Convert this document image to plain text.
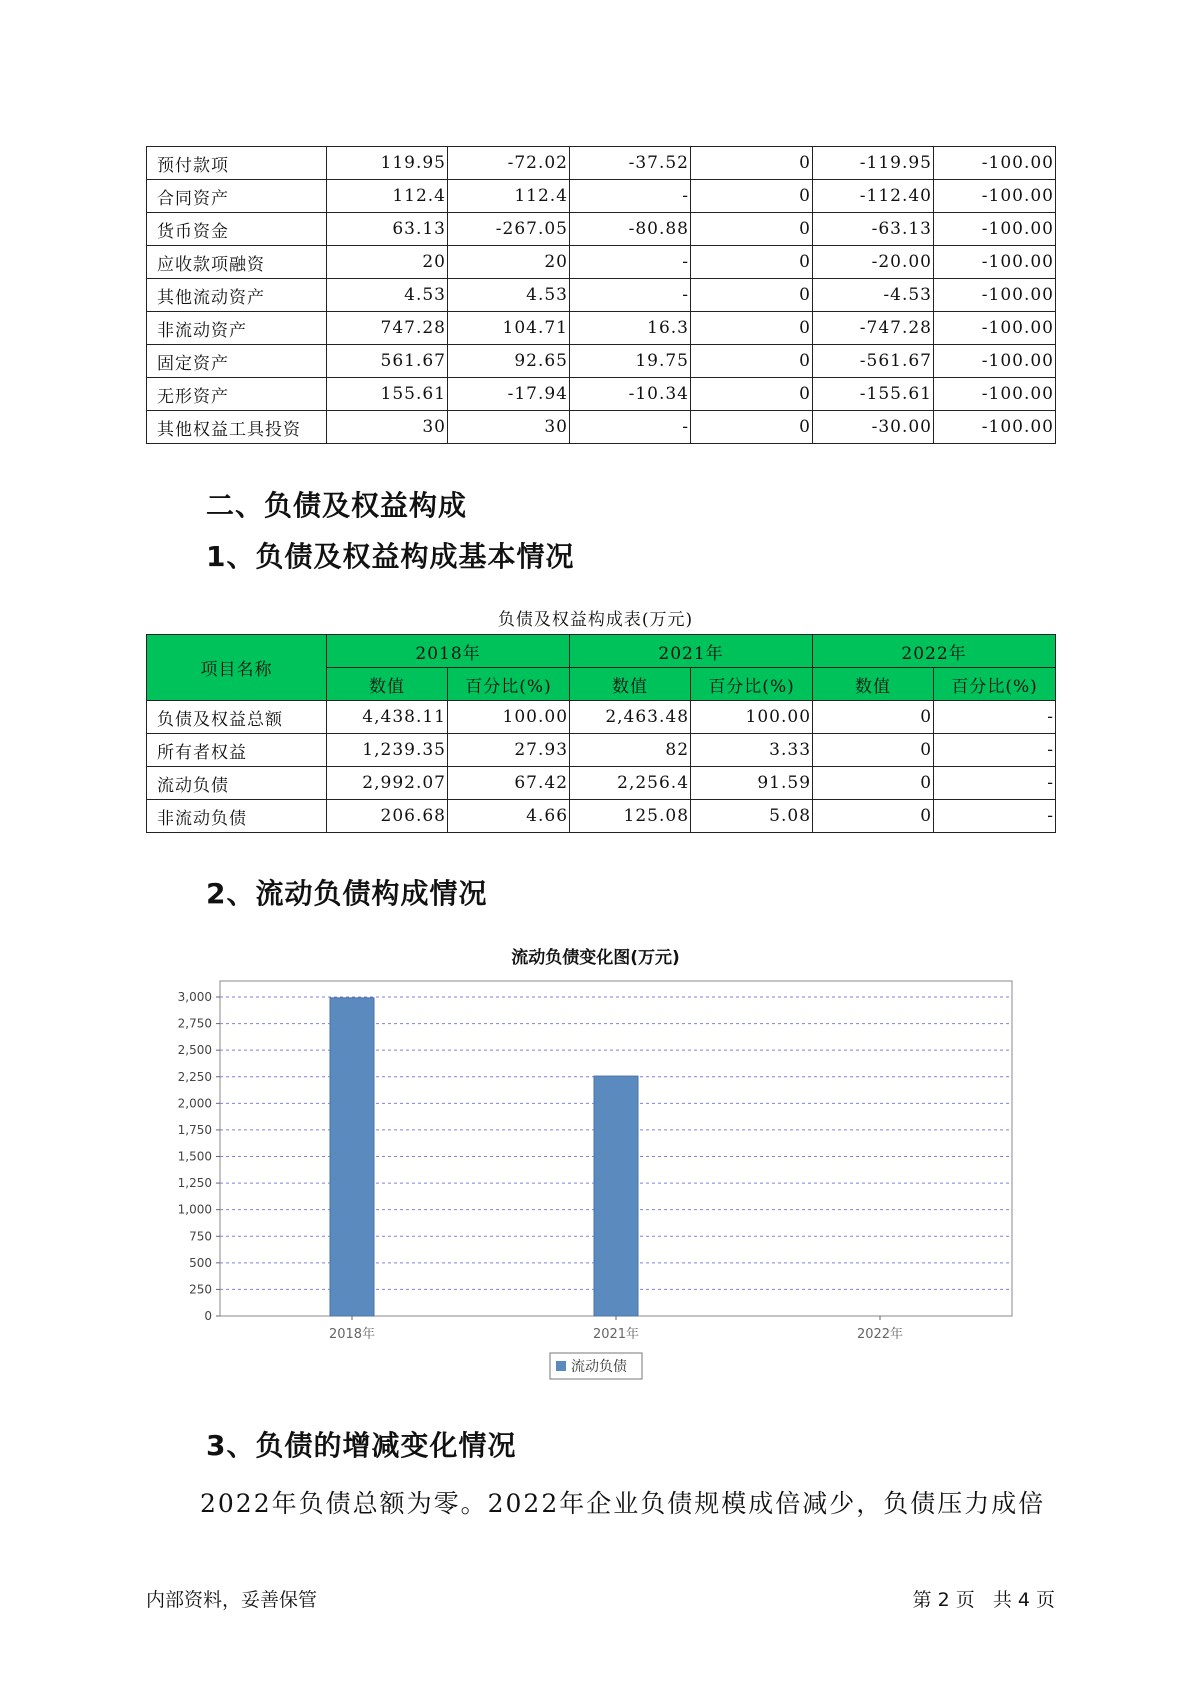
预付款项	119.95	-72.02	-37.52	0	-119.95	-100.00
合同资产	112.4	112.4	-	0	-112.40	-100.00
货币资金	63.13	-267.05	-80.88	0	-63.13	-100.00
应收款项融资	20	20	-	0	-20.00	-100.00
其他流动资产	4.53	4.53	-	0	-4.53	-100.00
非流动资产	747.28	104.71	16.3	0	-747.28	-100.00
固定资产	561.67	92.65	19.75	0	-561.67	-100.00
无形资产	155.61	-17.94	-10.34	0	-155.61	-100.00
其他权益工具投资	30	30	-	0	-30.00	-100.00
二、负债及权益构成
1、负债及权益构成基本情况
负债及权益构成表(万元)
项目名称	2018年		2021年		2022年	
	数值	百分比(%)	数值	百分比(%)	数值	百分比(%)
负债及权益总额	4,438.11	100.00	2,463.48	100.00	0	-
所有者权益	1,239.35	27.93	82	3.33	0	-
流动负债	2,992.07	67.42	2,256.4	91.59	0	-
非流动负债	206.68	4.66	125.08	5.08	0	-
2、流动负债构成情况
流动负债变化图(万元)
0
250
500
750
1,000
1,250
1,500
1,750
2,000
2,250
2,500
2,750
3,000
2018年	2021年	2022年
流动负债
3、负债的增减变化情况
2022年负债总额为零。2022年企业负债规模成倍减少，负债压力成倍
内部资料，妥善保管	第 2 页   共 4 页
